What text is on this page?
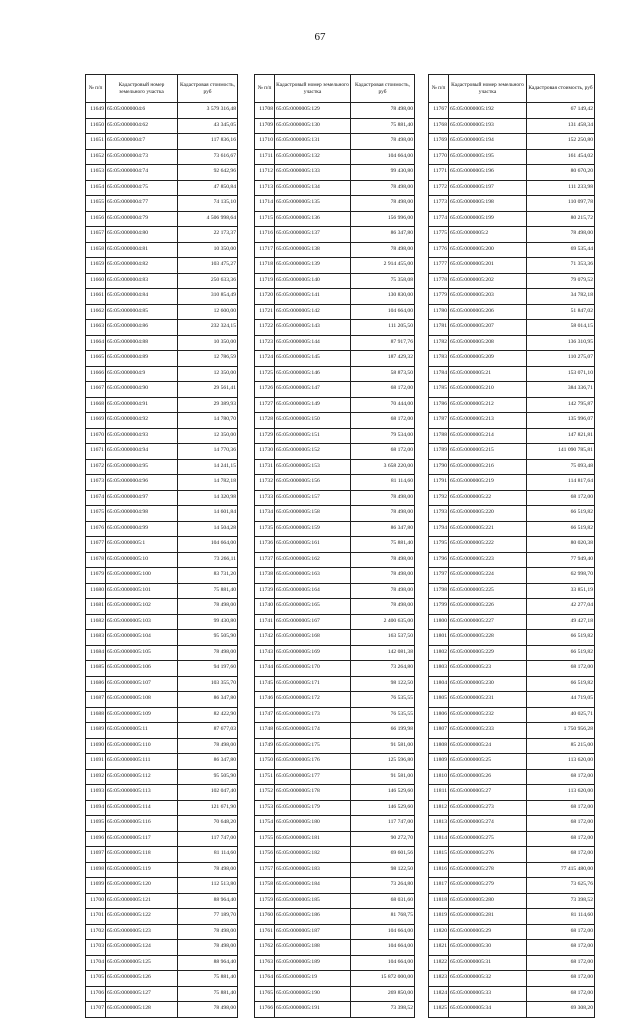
67
№ п/п	Кадастровый номер земельного участка	Кадастровая стоимость, руб
11649	65:05:0000004:6	3 579 316,48
11650	65:05:0000004:62	43 345,05
11651	65:05:0000004:7	117 836,16
11652	65:05:0000004:73	73 616,67
11653	65:05:0000004:74	92 642,96
11654	65:05:0000004:75	47 850,84
11655	65:05:0000004:77	74 135,10
11656	65:05:0000004:79	4 506 998,64
11657	65:05:0000004:80	22 173,37
11658	65:05:0000004:81	10 350,00
11659	65:05:0000004:82	103 475,27
11660	65:05:0000004:83	250 633,36
11661	65:05:0000004:84	310 854,49
11662	65:05:0000004:85	12 600,00
11663	65:05:0000004:86	232 324,15
11664	65:05:0000004:88	10 350,00
11665	65:05:0000004:89	12 786,59
11666	65:05:0000004:9	12 350,00
11667	65:05:0000004:90	29 561,41
11668	65:05:0000004:91	29 389,93
11669	65:05:0000004:92	14 780,70
11670	65:05:0000004:93	12 350,00
11671	65:05:0000004:94	14 770,36
11672	65:05:0000004:95	14 241,15
11673	65:05:0000004:96	14 782,18
11674	65:05:0000004:97	14 320,98
11675	65:05:0000004:98	14 601,84
11676	65:05:0000004:99	14 504,28
11677	65:05:0000005:1	104 664,00
11678	65:05:0000005:10	73 266,11
11679	65:05:0000005:100	83 731,20
11680	65:05:0000005:101	75 881,40
11681	65:05:0000005:102	78 498,00
11682	65:05:0000005:103	99 430,80
11683	65:05:0000005:104	95 505,90
11684	65:05:0000005:105	78 498,00
11685	65:05:0000005:106	94 197,60
11686	65:05:0000005:107	103 355,70
11687	65:05:0000005:108	86 347,80
11688	65:05:0000005:109	82 422,90
11689	65:05:0000005:11	87 677,03
11690	65:05:0000005:110	78 498,00
11691	65:05:0000005:111	86 347,80
11692	65:05:0000005:112	95 505,90
11693	65:05:0000005:113	102 047,40
11694	65:05:0000005:114	121 671,90
11695	65:05:0000005:116	70 648,20
11696	65:05:0000005:117	117 747,00
11697	65:05:0000005:118	81 114,60
11698	65:05:0000005:119	78 498,00
11699	65:05:0000005:120	112 513,80
11700	65:05:0000005:121	88 964,40
11701	65:05:0000005:122	77 189,70
11702	65:05:0000005:123	78 498,00
11703	65:05:0000005:124	78 498,00
11704	65:05:0000005:125	88 964,40
11705	65:05:0000005:126	75 881,40
11706	65:05:0000005:127	75 881,40
11707	65:05:0000005:128	78 498,00
№ п/п	Кадастровый номер земельного участка	Кадастровая стоимость, руб
11708	65:05:0000005:129	78 498,00
11709	65:05:0000005:130	75 881,40
11710	65:05:0000005:131	78 498,00
11711	65:05:0000005:132	104 664,00
11712	65:05:0000005:133	99 430,80
11713	65:05:0000005:134	78 498,00
11714	65:05:0000005:135	78 498,00
11715	65:05:0000005:136	156 996,00
11716	65:05:0000005:137	86 347,80
11717	65:05:0000005:138	78 498,00
11718	65:05:0000005:139	2 914 455,00
11719	65:05:0000005:140	75 358,08
11720	65:05:0000005:141	130 830,00
11721	65:05:0000005:142	104 664,00
11722	65:05:0000005:143	111 205,50
11723	65:05:0000005:144	87 917,76
11724	65:05:0000005:145	187 429,32
11725	65:05:0000005:146	58 873,50
11726	65:05:0000005:147	68 172,00
11727	65:05:0000005:149	70 444,00
11728	65:05:0000005:150	68 172,00
11729	65:05:0000005:151	79 534,00
11730	65:05:0000005:152	68 172,00
11731	65:05:0000005:153	3 658 220,00
11732	65:05:0000005:156	81 114,60
11733	65:05:0000005:157	78 498,00
11734	65:05:0000005:158	78 498,00
11735	65:05:0000005:159	86 347,80
11736	65:05:0000005:161	75 881,40
11737	65:05:0000005:162	78 498,00
11738	65:05:0000005:163	78 498,00
11739	65:05:0000005:164	78 498,00
11740	65:05:0000005:165	78 498,00
11741	65:05:0000005:167	2 400 635,00
11742	65:05:0000005:168	163 537,50
11743	65:05:0000005:169	142 081,38
11744	65:05:0000005:170	73 264,80
11745	65:05:0000005:171	98 122,50
11746	65:05:0000005:172	76 535,55
11747	65:05:0000005:173	76 535,55
11748	65:05:0000005:174	66 199,98
11749	65:05:0000005:175	91 581,00
11750	65:05:0000005:176	125 596,80
11751	65:05:0000005:177	91 581,00
11752	65:05:0000005:178	146 529,60
11753	65:05:0000005:179	146 529,60
11754	65:05:0000005:180	117 747,00
11755	65:05:0000005:181	90 272,70
11756	65:05:0000005:182	69 601,56
11757	65:05:0000005:183	98 122,50
11758	65:05:0000005:184	73 264,80
11759	65:05:0000005:185	68 031,60
11760	65:05:0000005:186	81 768,75
11761	65:05:0000005:187	104 664,00
11762	65:05:0000005:188	104 664,00
11763	65:05:0000005:189	104 664,00
11764	65:05:0000005:19	15 872 000,00
11765	65:05:0000005:190	269 850,00
11766	65:05:0000005:191	73 398,52
№ п/п	Кадастровый номер земельного участка	Кадастровая стоимость, руб
11767	65:05:0000005:192	67 149,42
11768	65:05:0000005:193	131 458,34
11769	65:05:0000005:194	152 250,80
11770	65:05:0000005:195	161 454,02
11771	65:05:0000005:196	80 670,20
11772	65:05:0000005:197	111 233,98
11773	65:05:0000005:198	110 097,78
11774	65:05:0000005:199	80 215,72
11775	65:05:0000005:2	78 498,00
11776	65:05:0000005:200	69 535,44
11777	65:05:0000005:201	71 353,36
11778	65:05:0000005:202	79 079,52
11779	65:05:0000005:203	34 782,18
11780	65:05:0000005:206	51 847,02
11781	65:05:0000005:207	58 014,15
11782	65:05:0000005:208	136 310,95
11783	65:05:0000005:209	110 275,07
11784	65:05:0000005:21	153 071,10
11785	65:05:0000005:210	384 336,71
11786	65:05:0000005:212	142 795,87
11787	65:05:0000005:213	135 996,07
11788	65:05:0000005:214	147 821,81
11789	65:05:0000005:215	141 090 785,81
11790	65:05:0000005:216	75 093,48
11791	65:05:0000005:219	114 817,64
11792	65:05:0000005:22	68 172,00
11793	65:05:0000005:220	66 519,82
11794	65:05:0000005:221	66 519,82
11795	65:05:0000005:222	80 020,38
11796	65:05:0000005:223	77 949,40
11797	65:05:0000005:224	62 998,70
11798	65:05:0000005:225	33 851,19
11799	65:05:0000005:226	42 277,04
11800	65:05:0000005:227	49 427,18
11801	65:05:0000005:228	66 519,82
11802	65:05:0000005:229	66 519,82
11803	65:05:0000005:23	68 172,00
11804	65:05:0000005:230	66 519,82
11805	65:05:0000005:231	44 719,05
11806	65:05:0000005:232	40 025,71
11807	65:05:0000005:233	1 750 956,28
11808	65:05:0000005:24	85 215,00
11809	65:05:0000005:25	113 620,00
11810	65:05:0000005:26	68 172,00
11811	65:05:0000005:27	113 620,00
11812	65:05:0000005:273	68 172,00
11813	65:05:0000005:274	68 172,00
11814	65:05:0000005:275	68 172,00
11815	65:05:0000005:276	68 172,00
11816	65:05:0000005:278	77 415 480,00
11817	65:05:0000005:279	73 625,76
11818	65:05:0000005:280	73 398,52
11819	65:05:0000005:281	81 114,60
11820	65:05:0000005:29	68 172,00
11821	65:05:0000005:30	68 172,00
11822	65:05:0000005:31	68 172,00
11823	65:05:0000005:32	68 172,00
11824	65:05:0000005:33	68 172,00
11825	65:05:0000005:34	69 308,20
